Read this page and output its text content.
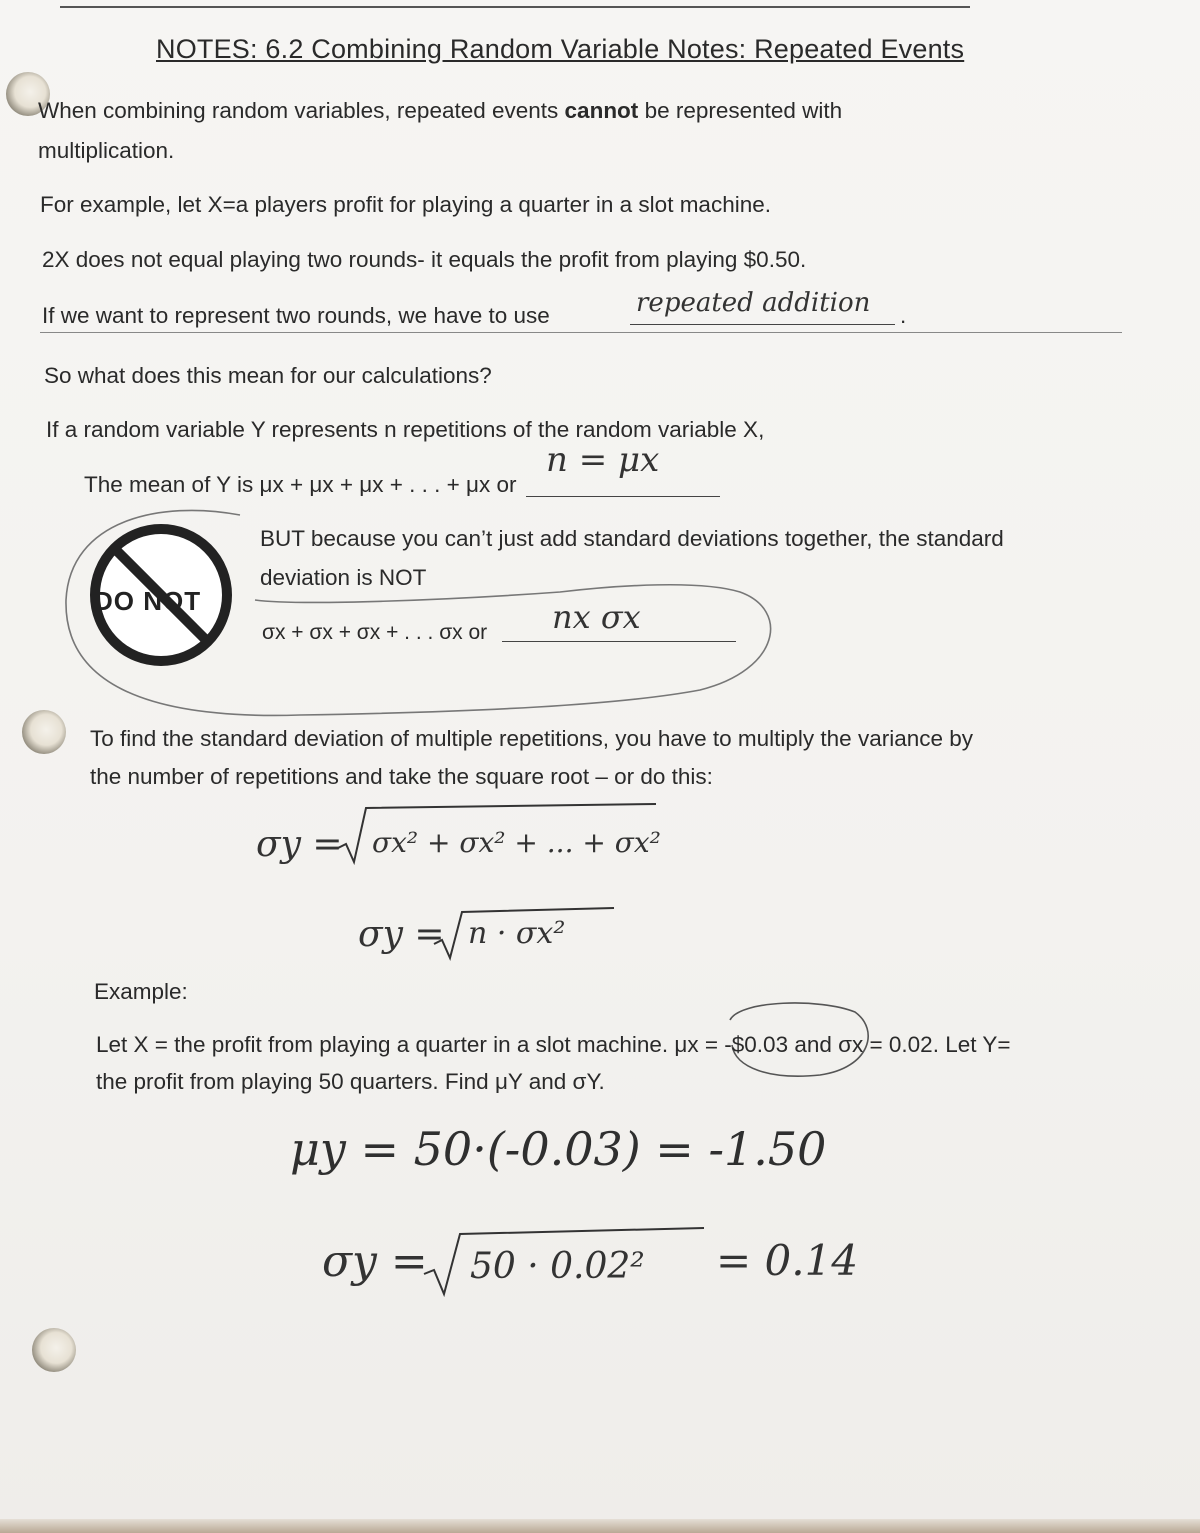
NOTES: 6.2 Combining Random Variable Notes: Repeated Events
When combining random variables, repeated events cannot be represented with
multiplication.
For example, let X=a players profit for playing a quarter in a slot machine.
2X does not equal playing two rounds- it equals the profit from playing $0.50.
If we want to represent two rounds, we have to use	repeated addition .
So what does this mean for our calculations?
If a random variable Y represents n repetitions of the random variable X,
The mean of Y is μx + μx + μx + . . . + μx or
n = μx
DO NOT
BUT because you can’t just add standard deviations together, the standard
deviation is NOT
σx + σx + σx + . . . σx or nx σx
To find the standard deviation of multiple repetitions, you have to multiply the variance by
the number of repetitions and take the square root – or do this:
σy = σx² + σx² + ... + σx²
σy = n · σx²
Example:
Let X = the profit from playing a quarter in a slot machine. μx = -$0.03 and σx = 0.02. Let Y=
the profit from playing 50 quarters. Find μY and σY.
μy = 50·(-0.03) = -1.50
σy = 50 · 0.02² = 0.14
